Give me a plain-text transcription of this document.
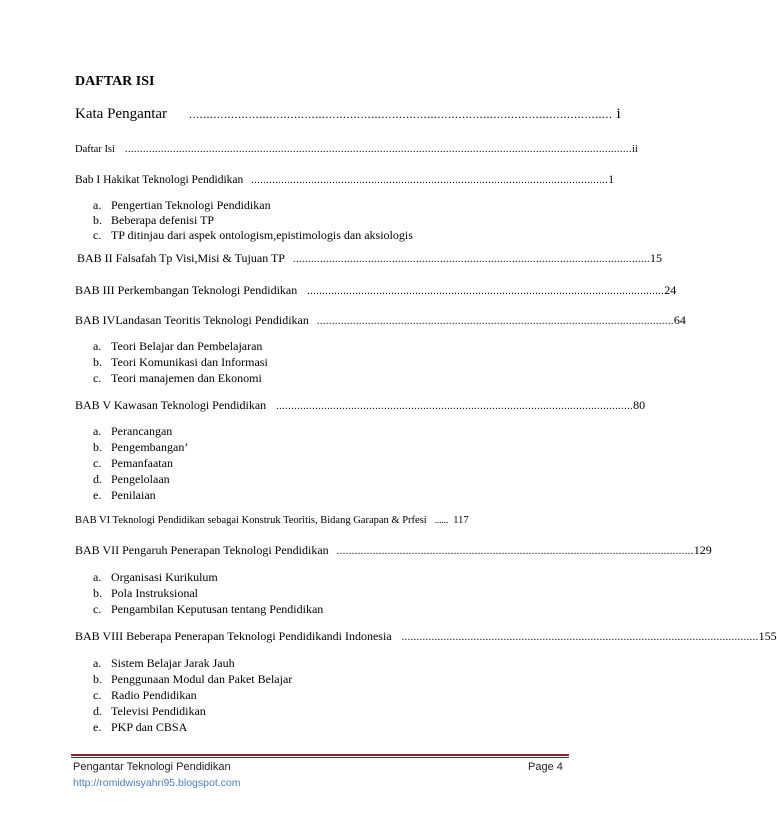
DAFTAR ISI
Kata Pengantar	......................................................................................................................... i
Daftar Isi	......................................................................................................................................................................... ii
Bab I Hakikat Teknologi Pendidikan ....................................................................................................................... 1
a. Pengertian Teknologi Pendidikan
b. Beberapa defenisi TP
c. TP ditinjau dari aspek ontologism,epistimologis dan aksiologis
BAB II Falsafah Tp Visi,Misi & Tujuan TP ....................................................................................................................... 15
BAB III Perkembangan Teknologi Pendidikan	....................................................................................................................... 24
BAB IVLandasan Teoritis Teknologi Pendidikan ....................................................................................................................... 64
a. Teori Belajar dan Pembelajaran
b. Teori Komunikasi dan Informasi
c. Teori manajemen dan Ekonomi
BAB V Kawasan Teknologi Pendidikan	....................................................................................................................... 80
a. Perancangan
b. Pengembangan’
c. Pemanfaatan
d. Pengelolaan
e. Penilaian
BAB VI Teknologi Pendidikan sebagai Konstruk Teoritis, Bidang Garapan & Prfesi ...... 117
BAB VII Pengaruh Penerapan Teknologi Pendidikan ....................................................................................................................... 129
a. Organisasi Kurikulum
b. Pola Instruksional
c. Pengambilan Keputusan tentang Pendidikan
BAB VIII Beberapa Penerapan Teknologi Pendidikandi Indonesia	....................................................................................................................... 155
a. Sistem Belajar Jarak Jauh
b. Penggunaan Modul dan Paket Belajar
c. Radio Pendidikan
d. Televisi Pendidikan
e. PKP dan CBSA
Pengantar Teknologi Pendidikan
http://romidwisyahri95.blogspot.com
Page 4
